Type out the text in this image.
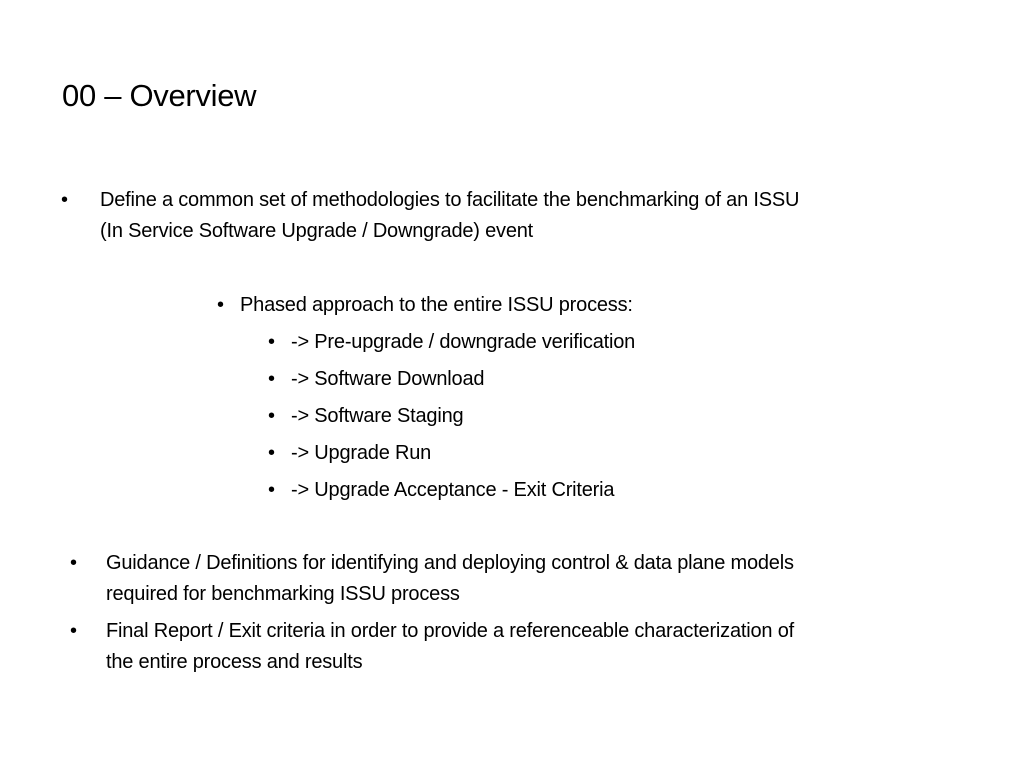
00 – Overview
• Define a common set of methodologies to facilitate the benchmarking of an ISSU
(In Service Software Upgrade / Downgrade) event
• Phased approach to the entire ISSU process:
• -> Pre-upgrade / downgrade verification
• -> Software Download
• -> Software Staging
• -> Upgrade Run
• -> Upgrade Acceptance - Exit Criteria
• Guidance / Definitions for identifying and deploying control & data plane models
required for benchmarking ISSU process
• Final Report / Exit criteria in order to provide a referenceable characterization of
the entire process and results
